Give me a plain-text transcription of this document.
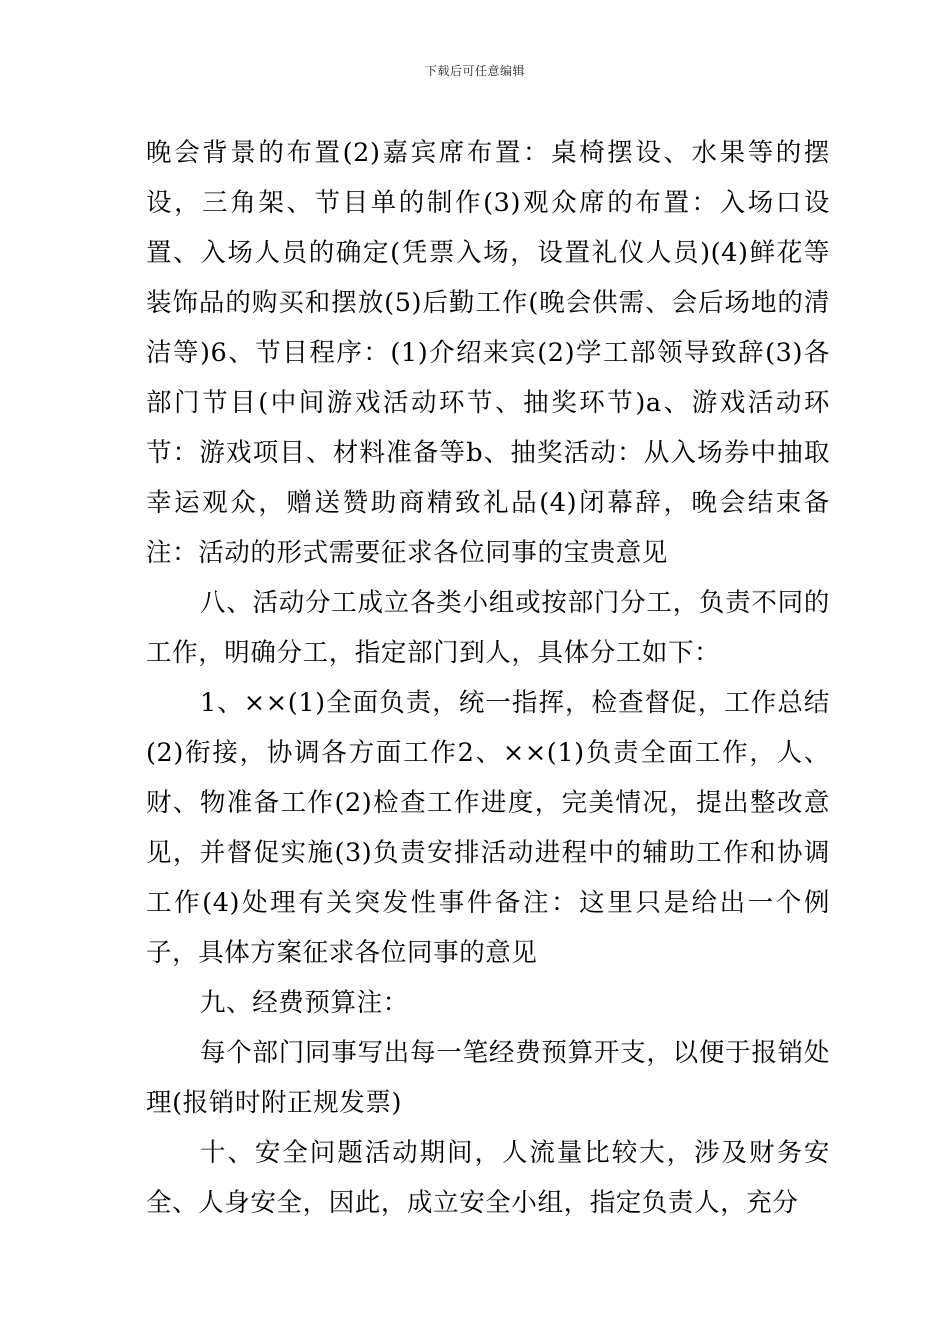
下载后可任意编辑

晚会背景的布置(2)嘉宾席布置：桌椅摆设、水果等的摆设，三角架、节目单的制作(3)观众席的布置：入场口设置、入场人员的确定(凭票入场，设置礼仪人员)(4)鲜花等装饰品的购买和摆放(5)后勤工作(晚会供需、会后场地的清洁等)6、节目程序：(1)介绍来宾(2)学工部领导致辞(3)各部门节目(中间游戏活动环节、抽奖环节)a、游戏活动环节：游戏项目、材料准备等b、抽奖活动：从入场券中抽取幸运观众，赠送赞助商精致礼品(4)闭幕辞，晚会结束备注：活动的形式需要征求各位同事的宝贵意见

八、活动分工成立各类小组或按部门分工，负责不同的工作，明确分工，指定部门到人，具体分工如下：

1、××(1)全面负责，统一指挥，检查督促，工作总结(2)衔接，协调各方面工作2、××(1)负责全面工作，人、财、物准备工作(2)检查工作进度，完美情况，提出整改意见，并督促实施(3)负责安排活动进程中的辅助工作和协调工作(4)处理有关突发性事件备注：这里只是给出一个例子，具体方案征求各位同事的意见

九、经费预算注：

每个部门同事写出每一笔经费预算开支，以便于报销处理(报销时附正规发票)

十、安全问题活动期间，人流量比较大，涉及财务安全、人身安全，因此，成立安全小组，指定负责人，充分
